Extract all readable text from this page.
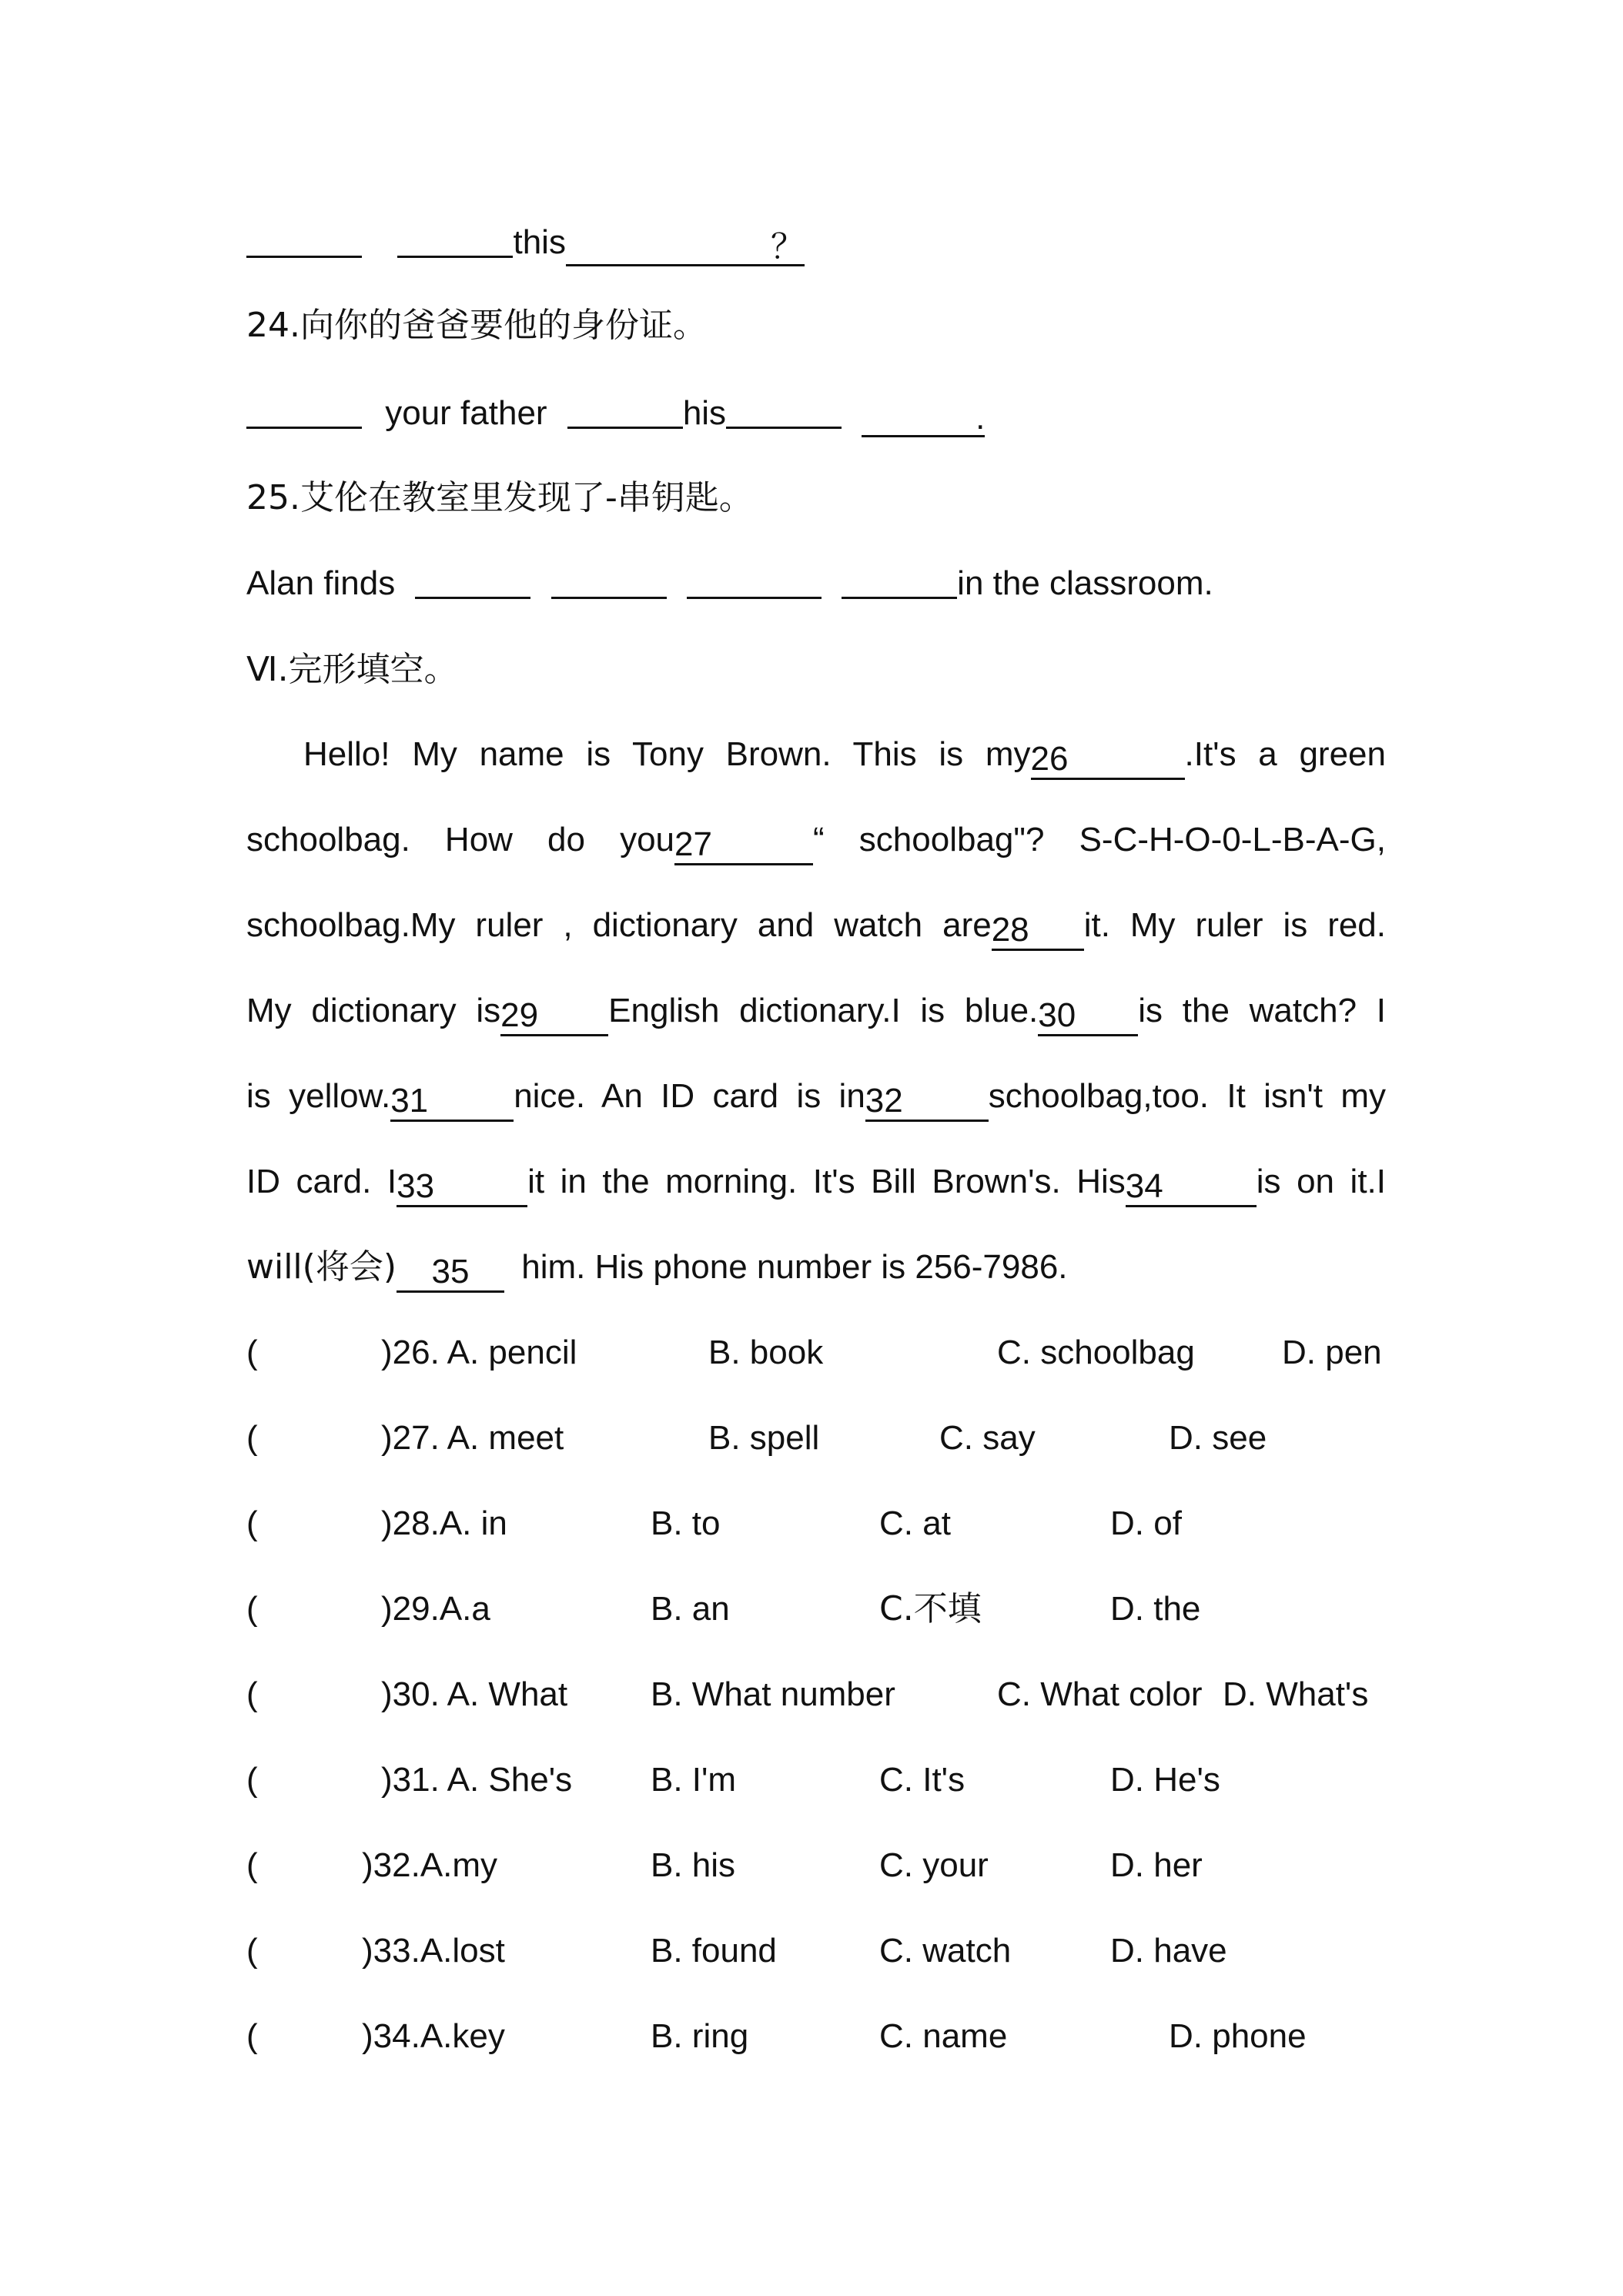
this	？
24.向你的爸爸要他的身份证。
your father	his	.
25.艾伦在教室里发现了-串钥匙。
Alan finds	in the classroom.
Ⅵ.完形填空。
Hello! My name is Tony Brown. This is my26	.It's a green
schoolbag. How do you27	“ schoolbag"? S-C-H-O-0-L-B-A-G,
schoolbag.My ruler , dictionary and watch are28 it. My ruler is red.
My dictionary is29 English dictionary.I is blue.30 is the watch? I
is yellow.31	nice. An ID card is in32	schoolbag,too. It isn't my
ID card. I33	it in the morning. It's Bill Brown's. His34	is on it.I
will(将会) 35 him. His phone number is 256-7986.
(	)26. A. pencil	B. book	C. schoolbag	D. pen
(	)27. A. meet	B. spell	C. say	D. see
(	)28.A. in	B. to	C. at	D. of
(	)29.A.a	B. an	C.不填	D. the
(	)30. A. What B. What number	C. What color D. What's
(	)31. A. She's B. I'm	C. It's	D. He's
(	)32.A.my	B. his	C. your	D. her
(	)33.A.lost	B. found	C. watch	D. have
(	)34.A.key	B. ring	C. name	D. phone
